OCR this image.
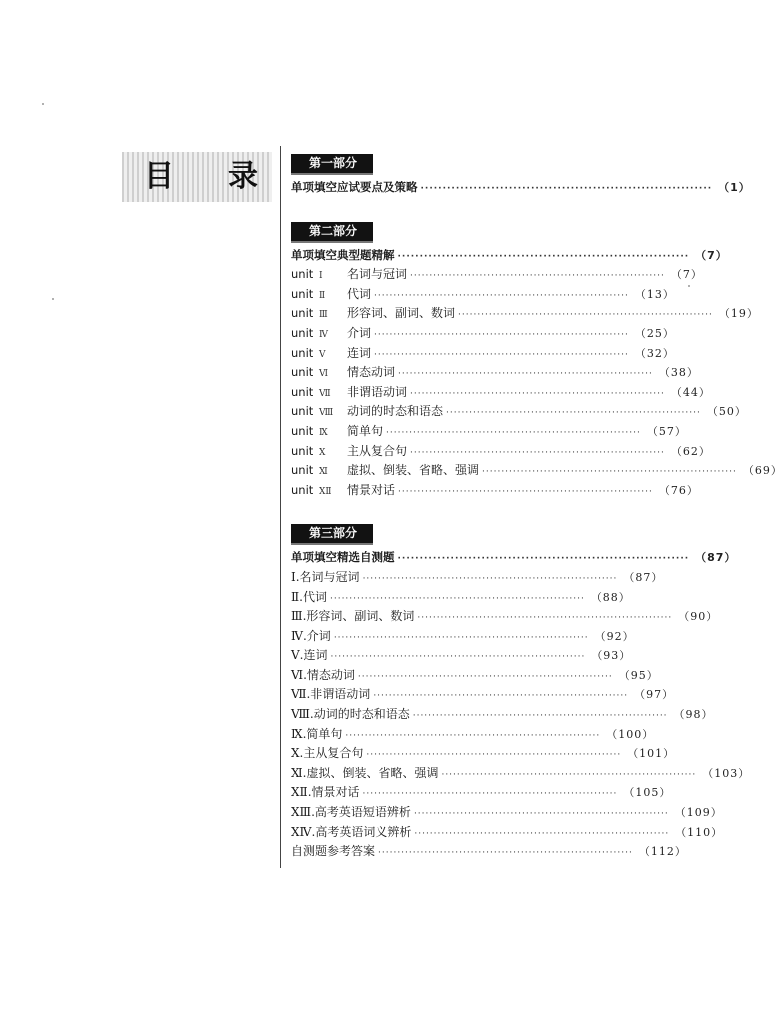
目 录	第一部分
单项填空应试要点及策略 ·································································· （1）
第二部分
单项填空典型题精解 ·································································· （7）
unit Ⅰ	名词与冠词 ·································································· （7）
unit Ⅱ	代词 ·································································· （13）
unit Ⅲ	形容词、副词、数词 ·································································· （19）
unit Ⅳ	介词 ·································································· （25）
unit Ⅴ	连词 ·································································· （32）
unit Ⅵ	情态动词 ·································································· （38）
unit Ⅶ	非谓语动词 ·································································· （44）
unit Ⅷ	动词的时态和语态 ·································································· （50）
unit Ⅸ	简单句 ·································································· （57）
unit Ⅹ	主从复合句 ·································································· （62）
unit Ⅺ	虚拟、倒装、省略、强调 ·································································· （69）
unit ⅩⅡ	情景对话 ·································································· （76）
第三部分
单项填空精选自测题 ·································································· （87）
Ⅰ.名词与冠词 ·································································· （87）
Ⅱ.代词 ·································································· （88）
Ⅲ.形容词、副词、数词 ·································································· （90）
Ⅳ.介词 ·································································· （92）
Ⅴ.连词 ·································································· （93）
Ⅵ.情态动词 ·································································· （95）
Ⅶ.非谓语动词 ·································································· （97）
Ⅷ.动词的时态和语态 ·································································· （98）
Ⅸ.简单句 ·································································· （100）
Ⅹ.主从复合句 ·································································· （101）
Ⅺ.虚拟、倒装、省略、强调 ·································································· （103）
ⅩⅡ.情景对话 ·································································· （105）
ⅩⅢ.高考英语短语辨析 ·································································· （109）
ⅩⅣ.高考英语词义辨析 ·································································· （110）
自测题参考答案 ·································································· （112）
